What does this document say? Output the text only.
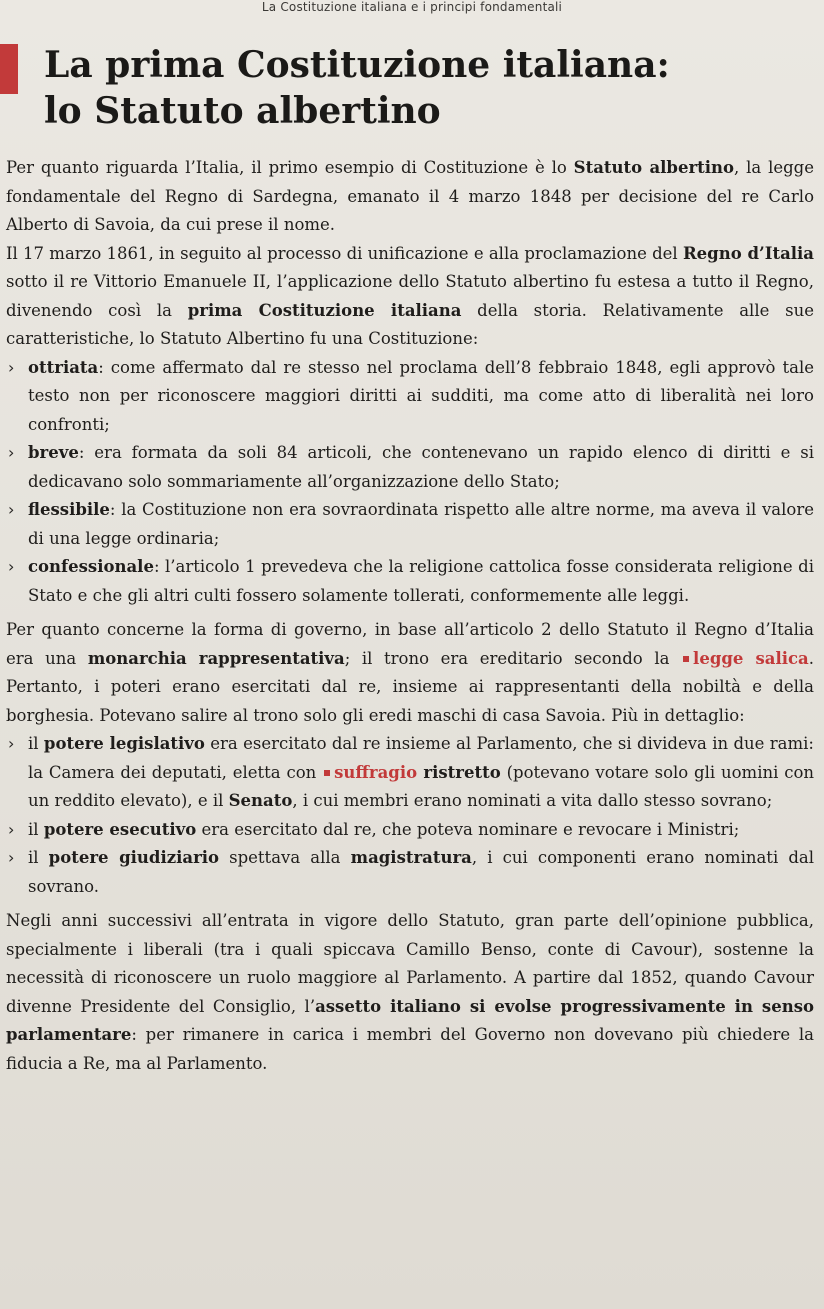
La Costituzione italiana e i principi fondamentali
La prima Costituzione italiana:
lo Statuto albertino

Per quanto riguarda l’Italia, il primo esempio di Costituzione è lo Statuto albertino, la legge fondamentale del Regno di Sardegna, emanato il 4 marzo 1848 per decisione del re Carlo Alberto di Savoia, da cui prese il nome.

Il 17 marzo 1861, in seguito al processo di unificazione e alla proclamazione del Regno d’Italia sotto il re Vittorio Emanuele II, l’applicazione dello Statuto albertino fu estesa a tutto il Regno, divenendo così la prima Costituzione italiana della storia. Relativamente alle sue caratteristiche, lo Statuto Albertino fu una Costituzione:

› ottriata: come affermato dal re stesso nel proclama dell’8 febbraio 1848, egli approvò tale testo non per riconoscere maggiori diritti ai sudditi, ma come atto di liberalità nei loro confronti;
› breve: era formata da soli 84 articoli, che contenevano un rapido elenco di diritti e si dedicavano solo sommariamente all’organizzazione dello Stato;
› flessibile: la Costituzione non era sovraordinata rispetto alle altre norme, ma aveva il valore di una legge ordinaria;
› confessionale: l’articolo 1 prevedeva che la religione cattolica fosse considerata religione di Stato e che gli altri culti fossero solamente tollerati, conformemente alle leggi.

Per quanto concerne la forma di governo, in base all’articolo 2 dello Statuto il Regno d’Italia era una monarchia rappresentativa; il trono era ereditario secondo la legge salica. Pertanto, i poteri erano esercitati dal re, insieme ai rappresentanti della nobiltà e della borghesia. Potevano salire al trono solo gli eredi maschi di casa Savoia. Più in dettaglio:

› il potere legislativo era esercitato dal re insieme al Parlamento, che si divideva in due rami: la Camera dei deputati, eletta con suffragio ristretto (potevano votare solo gli uomini con un reddito elevato), e il Senato, i cui membri erano nominati a vita dallo stesso sovrano;
› il potere esecutivo era esercitato dal re, che poteva nominare e revocare i Ministri;
› il potere giudiziario spettava alla magistratura, i cui componenti erano nominati dal sovrano.

Negli anni successivi all’entrata in vigore dello Statuto, gran parte dell’opinione pubblica, specialmente i liberali (tra i quali spiccava Camillo Benso, conte di Cavour), sostenne la necessità di riconoscere un ruolo maggiore al Parlamento. A partire dal 1852, quando Cavour divenne Presidente del Consiglio, l’assetto italiano si evolse progressivamente in senso parlamentare: per rimanere in carica i membri del Governo non dovevano più chiedere la fiducia a Re, ma al Parlamento.
